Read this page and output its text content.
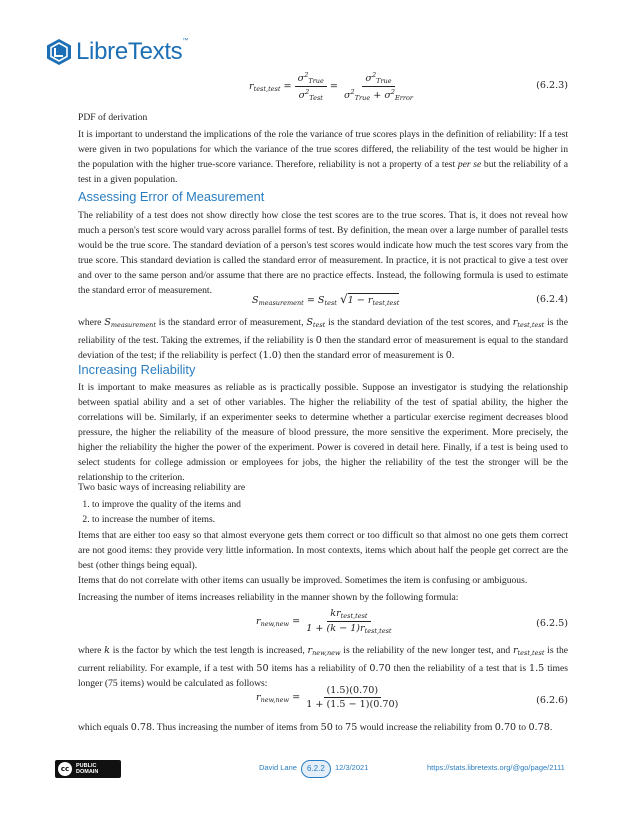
LibreTexts™
$r_{test,test} = \frac{\sigma^2_{True}}{\sigma^2_{Test}} = \frac{\sigma^2_{True}}{\sigma^2_{True} + \sigma^2_{Error}}$	(6.2.3)

PDF of derivation

It is important to understand the implications of the role the variance of true scores plays in the definition of reliability: If a test were given in two populations for which the variance of the true scores differed, the reliability of the test would be higher in the population with the higher true-score variance. Therefore, reliability is not a property of a test per se but the reliability of a test in a given population.

Assessing Error of Measurement

The reliability of a test does not show directly how close the test scores are to the true scores. That is, it does not reveal how much a person's test score would vary across parallel forms of test. By definition, the mean over a large number of parallel tests would be the true score. The standard deviation of a person's test scores would indicate how much the test scores vary from the true score. This standard deviation is called the standard error of measurement. In practice, it is not practical to give a test over and over to the same person and/or assume that there are no practice effects. Instead, the following formula is used to estimate the standard error of measurement.

$S_{measurement} = S_{test}$ $√1 - r_{test,test}$	(6.2.4)

where $S_{measurement}$ is the standard error of measurement, $S_{test}$ is the standard deviation of the test scores, and $r_{test,test}$ is the reliability of the test. Taking the extremes, if the reliability is 0 then the standard error of measurement is equal to the standard deviation of the test; if the reliability is perfect (1.0) then the standard error of measurement is 0.

Increasing Reliability

It is important to make measures as reliable as is practically possible. Suppose an investigator is studying the relationship between spatial ability and a set of other variables. The higher the reliability of the test of spatial ability, the higher the correlations will be. Similarly, if an experimenter seeks to determine whether a particular exercise regiment decreases blood pressure, the higher the reliability of the measure of blood pressure, the more sensitive the experiment. More precisely, the higher the reliability the higher the power of the experiment. Power is covered in detail here. Finally, if a test is being used to select students for college admission or employees for jobs, the higher the reliability of the test the stronger will be the relationship to the criterion.

Two basic ways of increasing reliability are

1. to improve the quality of the items and
2. to increase the number of items.

Items that are either too easy so that almost everyone gets them correct or too difficult so that almost no one gets them correct are not good items: they provide very little information. In most contexts, items which about half the people get correct are the best (other things being equal).

Items that do not correlate with other items can usually be improved. Sometimes the item is confusing or ambiguous.

Increasing the number of items increases reliability in the manner shown by the following formula:

$r_{new,new} = \frac{kr_{test,test}}{1 + (k - 1)r_{test,test}}$	(6.2.5)

where k is the factor by which the test length is increased, $r_{new,new}$ is the reliability of the new longer test, and $r_{test,test}$ is the current reliability. For example, if a test with 50 items has a reliability of 0.70 then the reliability of a test that is 1.5 times longer (75 items) would be calculated as follows:

$r_{new,new} = \frac{(1.5)(0.70)}{1 + (1.5 - 1)(0.70)}$	(6.2.6)

which equals 0.78. Thus increasing the number of items from 50 to 75 would increase the reliability from 0.70 to 0.78.

cc	PUBLIC
DOMAIN	David Lane	6.2.2	12/3/2021	https://stats.libretexts.org/@go/page/2111
